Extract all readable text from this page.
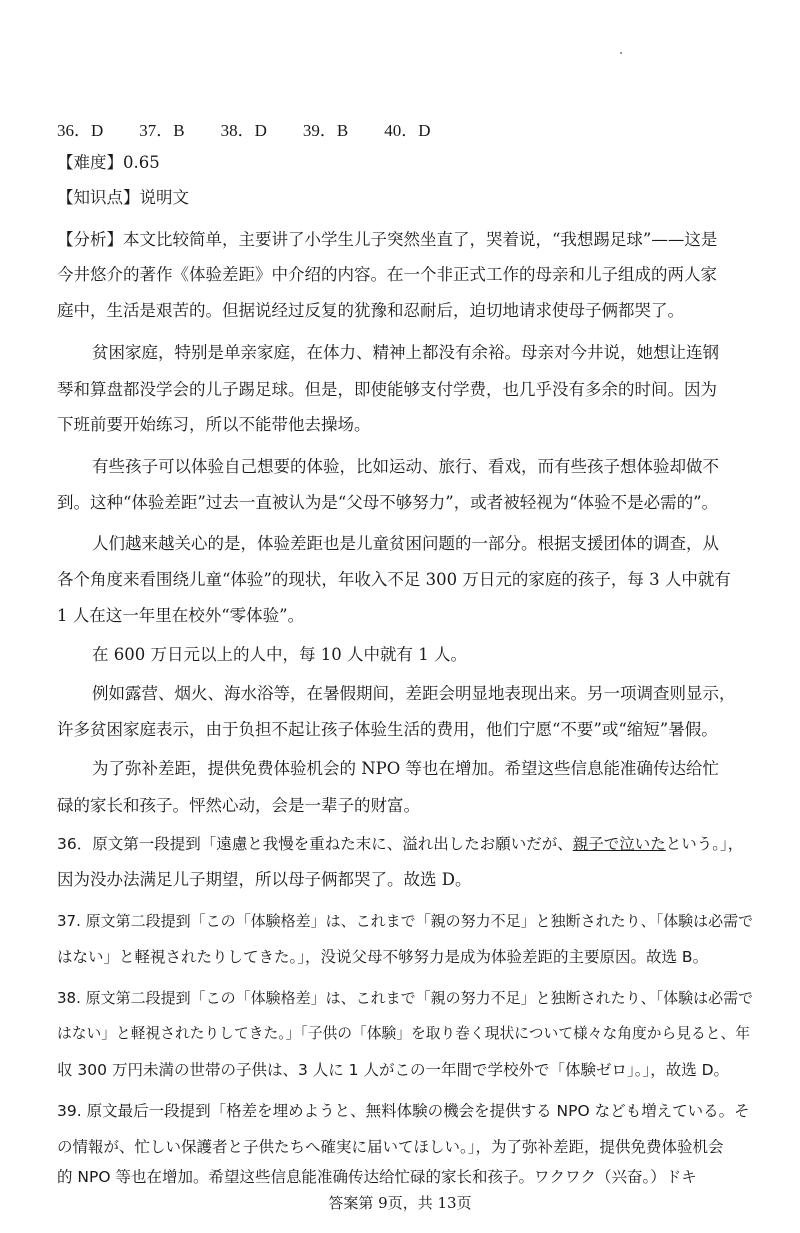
36．D 37．B 38．D 39．B 40．D
【难度】0.65
【知识点】说明文
【分析】本文比较简单，主要讲了小学生儿子突然坐直了，哭着说，“我想踢足球”——这是
今井悠介的著作《体验差距》中介绍的内容。在一个非正式工作的母亲和儿子组成的两人家
庭中，生活是艰苦的。但据说经过反复的犹豫和忍耐后，迫切地请求使母子俩都哭了。
贫困家庭，特别是单亲家庭，在体力、精神上都没有余裕。母亲对今井说，她想让连钢
琴和算盘都没学会的儿子踢足球。但是，即使能够支付学费，也几乎没有多余的时间。因为
下班前要开始练习，所以不能带他去操场。
有些孩子可以体验自己想要的体验，比如运动、旅行、看戏，而有些孩子想体验却做不
到。这种“体验差距”过去一直被认为是“父母不够努力”，或者被轻视为“体验不是必需的”。
人们越来越关心的是，体验差距也是儿童贫困问题的一部分。根据支援团体的调查，从
各个角度来看围绕儿童“体验”的现状，年收入不足 300 万日元的家庭的孩子，每 3 人中就有
1 人在这一年里在校外“零体验”。
在 600 万日元以上的人中，每 10 人中就有 1 人。
例如露营、烟火、海水浴等，在暑假期间，差距会明显地表现出来。另一项调查则显示，
许多贫困家庭表示，由于负担不起让孩子体验生活的费用，他们宁愿“不要”或“缩短”暑假。
为了弥补差距，提供免费体验机会的 NPO 等也在增加。希望这些信息能准确传达给忙
碌的家长和孩子。怦然心动，会是一辈子的财富。
36．原文第一段提到「遠慮と我慢を重ねた末に、溢れ出したお願いだが、親子で泣いたという。」，
因为没办法满足儿子期望，所以母子俩都哭了。故选 D。
37. 原文第二段提到「この「体験格差」は、これまで「親の努力不足」と独断されたり、「体験は必需で
はない」と軽視されたりしてきた。」，没说父母不够努力是成为体验差距的主要原因。故选 B。
38. 原文第二段提到「この「体験格差」は、これまで「親の努力不足」と独断されたり、「体験は必需で
はない」と軽視されたりしてきた。」「子供の「体験」を取り巻く現状について様々な角度から見ると、年
収 300 万円未満の世帯の子供は、3 人に 1 人がこの一年間で学校外で「体験ゼロ」。」，故选 D。
39. 原文最后一段提到「格差を埋めようと、無料体験の機会を提供する NPO なども増えている。そ
の情報が、忙しい保護者と子供たちへ確実に届いてほしい。」，为了弥补差距，提供免费体验机会
的 NPO 等也在增加。希望这些信息能准确传达给忙碌的家长和孩子。ワクワク（兴奋。）ドキ
答案第 9页，共 13页
